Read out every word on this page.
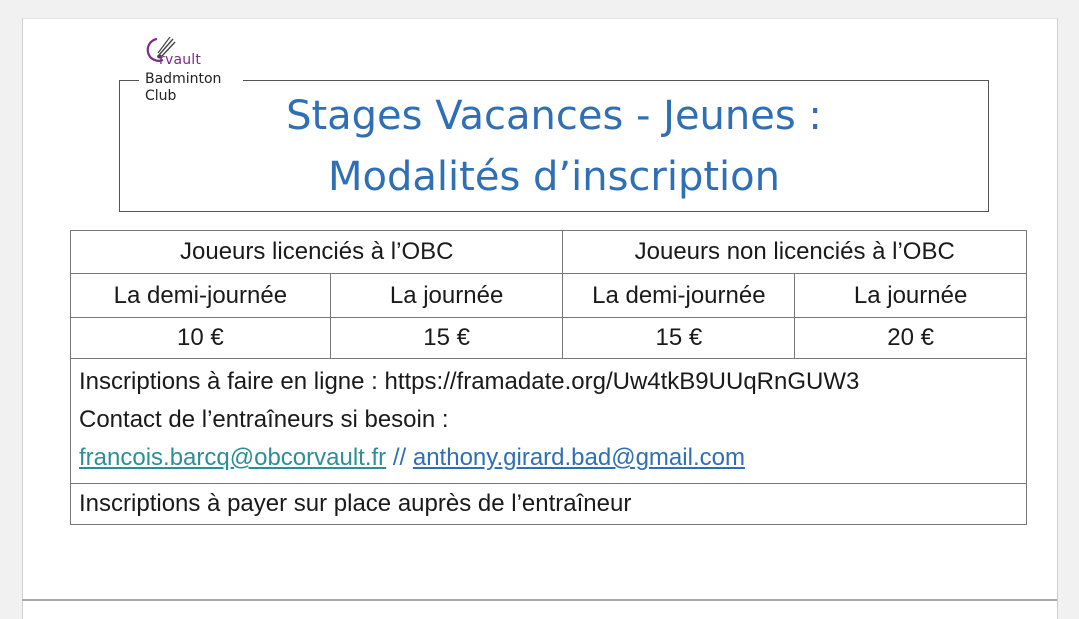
rvault
Club
Badminton
Stages Vacances - Jeunes :
Modalités d’inscription
Joueurs licenciés à l’OBC		Joueurs non licenciés à l’OBC	
La demi-journée	La journée	La demi-journée	La journée
10 €	15 €	15 €	20 €

Inscriptions à faire en ligne : https://framadate.org/Uw4tkB9UUqRnGUW3
Contact de l’entraîneurs si besoin :
francois.barcq@obcorvault.fr // anthony.girard.bad@gmail.com			

Inscriptions à payer sur place auprès de l’entraîneur			
